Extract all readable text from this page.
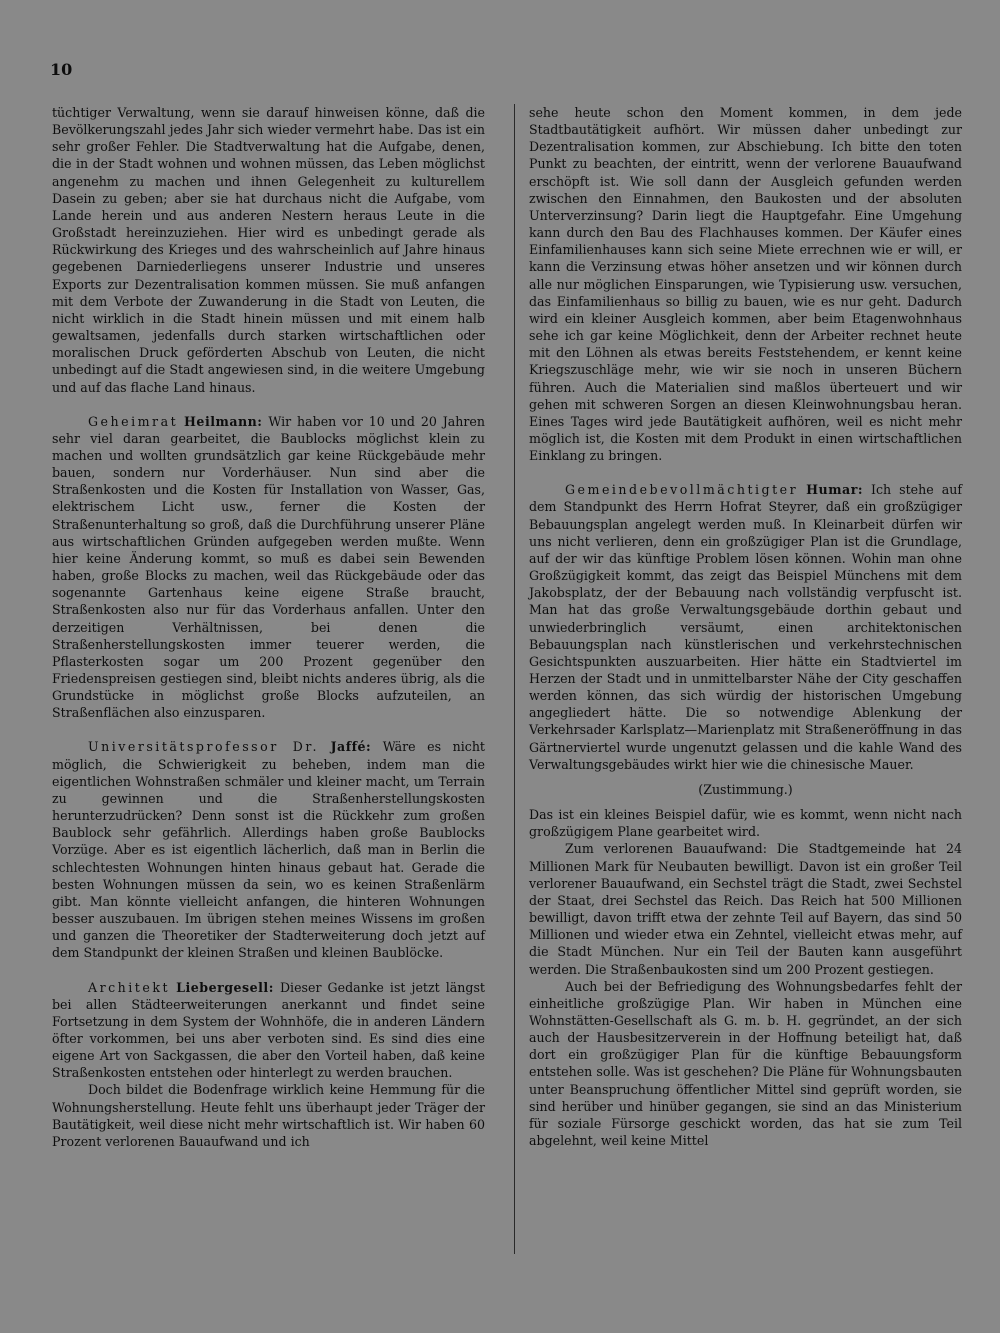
10

tüchtiger Verwaltung, wenn sie darauf hinweisen könne, daß die Bevölkerungszahl jedes Jahr sich wieder vermehrt habe. Das ist ein sehr großer Fehler. Die Stadtverwaltung hat die Aufgabe, denen, die in der Stadt wohnen und wohnen müssen, das Leben möglichst angenehm zu machen und ihnen Gelegenheit zu kulturellem Dasein zu geben; aber sie hat durchaus nicht die Aufgabe, vom Lande herein und aus anderen Nestern heraus Leute in die Großstadt hereinzuziehen. Hier wird es unbedingt gerade als Rückwirkung des Krieges und des wahrscheinlich auf Jahre hinaus gegebenen Darniederliegens unserer Industrie und unseres Exports zur Dezentralisation kommen müssen. Sie muß anfangen mit dem Verbote der Zuwanderung in die Stadt von Leuten, die nicht wirklich in die Stadt hinein müssen und mit einem halb gewaltsamen, jedenfalls durch starken wirtschaftlichen oder moralischen Druck geförderten Abschub von Leuten, die nicht unbedingt auf die Stadt angewiesen sind, in die weitere Umgebung und auf das flache Land hinaus.

Geheimrat Heilmann: Wir haben vor 10 und 20 Jahren sehr viel daran gearbeitet, die Baublocks möglichst klein zu machen und wollten grundsätzlich gar keine Rückgebäude mehr bauen, sondern nur Vorderhäuser. Nun sind aber die Straßenkosten und die Kosten für Installation von Wasser, Gas, elektrischem Licht usw., ferner die Kosten der Straßenunterhaltung so groß, daß die Durchführung unserer Pläne aus wirtschaftlichen Gründen aufgegeben werden mußte. Wenn hier keine Änderung kommt, so muß es dabei sein Bewenden haben, große Blocks zu machen, weil das Rückgebäude oder das sogenannte Gartenhaus keine eigene Straße braucht, Straßenkosten also nur für das Vorderhaus anfallen. Unter den derzeitigen Verhältnissen, bei denen die Straßenherstellungskosten immer teuerer werden, die Pflasterkosten sogar um 200 Prozent gegenüber den Friedenspreisen gestiegen sind, bleibt nichts anderes übrig, als die Grundstücke in möglichst große Blocks aufzuteilen, an Straßenflächen also einzusparen.

Universitätsprofessor Dr. Jaffé: Wäre es nicht möglich, die Schwierigkeit zu beheben, indem man die eigentlichen Wohnstraßen schmäler und kleiner macht, um Terrain zu gewinnen und die Straßenherstellungskosten herunterzudrücken? Denn sonst ist die Rückkehr zum großen Baublock sehr gefährlich. Allerdings haben große Baublocks Vorzüge. Aber es ist eigentlich lächerlich, daß man in Berlin die schlechtesten Wohnungen hinten hinaus gebaut hat. Gerade die besten Wohnungen müssen da sein, wo es keinen Straßenlärm gibt. Man könnte vielleicht anfangen, die hinteren Wohnungen besser auszubauen. Im übrigen stehen meines Wissens im großen und ganzen die Theoretiker der Stadterweiterung doch jetzt auf dem Standpunkt der kleinen Straßen und kleinen Baublöcke.

Architekt Liebergesell: Dieser Gedanke ist jetzt längst bei allen Städteerweiterungen anerkannt und findet seine Fortsetzung in dem System der Wohnhöfe, die in anderen Ländern öfter vorkommen, bei uns aber verboten sind. Es sind dies eine eigene Art von Sackgassen, die aber den Vorteil haben, daß keine Straßenkosten entstehen oder hinterlegt zu werden brauchen.

Doch bildet die Bodenfrage wirklich keine Hemmung für die Wohnungsherstellung. Heute fehlt uns überhaupt jeder Träger der Bautätigkeit, weil diese nicht mehr wirtschaftlich ist. Wir haben 60 Prozent verlorenen Bauaufwand und ich

sehe heute schon den Moment kommen, in dem jede Stadtbautätigkeit aufhört. Wir müssen daher unbedingt zur Dezentralisation kommen, zur Abschiebung. Ich bitte den toten Punkt zu beachten, der eintritt, wenn der verlorene Bauaufwand erschöpft ist. Wie soll dann der Ausgleich gefunden werden zwischen den Einnahmen, den Baukosten und der absoluten Unterverzinsung? Darin liegt die Hauptgefahr. Eine Umgehung kann durch den Bau des Flachhauses kommen. Der Käufer eines Einfamilienhauses kann sich seine Miete errechnen wie er will, er kann die Verzinsung etwas höher ansetzen und wir können durch alle nur möglichen Einsparungen, wie Typisierung usw. versuchen, das Einfamilienhaus so billig zu bauen, wie es nur geht. Dadurch wird ein kleiner Ausgleich kommen, aber beim Etagenwohnhaus sehe ich gar keine Möglichkeit, denn der Arbeiter rechnet heute mit den Löhnen als etwas bereits Feststehendem, er kennt keine Kriegszuschläge mehr, wie wir sie noch in unseren Büchern führen. Auch die Materialien sind maßlos überteuert und wir gehen mit schweren Sorgen an diesen Kleinwohnungsbau heran. Eines Tages wird jede Bautätigkeit aufhören, weil es nicht mehr möglich ist, die Kosten mit dem Produkt in einen wirtschaftlichen Einklang zu bringen.

Gemeindebevollmächtigter Humar: Ich stehe auf dem Standpunkt des Herrn Hofrat Steyrer, daß ein großzügiger Bebauungsplan angelegt werden muß. In Kleinarbeit dürfen wir uns nicht verlieren, denn ein großzügiger Plan ist die Grundlage, auf der wir das künftige Problem lösen können. Wohin man ohne Großzügigkeit kommt, das zeigt das Beispiel Münchens mit dem Jakobsplatz, der der Bebauung nach vollständig verpfuscht ist. Man hat das große Verwaltungsgebäude dorthin gebaut und unwiederbringlich versäumt, einen architektonischen Bebauungsplan nach künstlerischen und verkehrstechnischen Gesichtspunkten auszuarbeiten. Hier hätte ein Stadtviertel im Herzen der Stadt und in unmittelbarster Nähe der City geschaffen werden können, das sich würdig der historischen Umgebung angegliedert hätte. Die so notwendige Ablenkung der Verkehrsader Karlsplatz—Marienplatz mit Straßeneröffnung in das Gärtnerviertel wurde ungenutzt gelassen und die kahle Wand des Verwaltungsgebäudes wirkt hier wie die chinesische Mauer.

(Zustimmung.)

Das ist ein kleines Beispiel dafür, wie es kommt, wenn nicht nach großzügigem Plane gearbeitet wird.

Zum verlorenen Bauaufwand: Die Stadtgemeinde hat 24 Millionen Mark für Neubauten bewilligt. Davon ist ein großer Teil verlorener Bauaufwand, ein Sechstel trägt die Stadt, zwei Sechstel der Staat, drei Sechstel das Reich. Das Reich hat 500 Millionen bewilligt, davon trifft etwa der zehnte Teil auf Bayern, das sind 50 Millionen und wieder etwa ein Zehntel, vielleicht etwas mehr, auf die Stadt München. Nur ein Teil der Bauten kann ausgeführt werden. Die Straßenbaukosten sind um 200 Prozent gestiegen.

Auch bei der Befriedigung des Wohnungsbedarfes fehlt der einheitliche großzügige Plan. Wir haben in München eine Wohnstätten-Gesellschaft als G. m. b. H. gegründet, an der sich auch der Hausbesitzerverein in der Hoffnung beteiligt hat, daß dort ein großzügiger Plan für die künftige Bebauungsform entstehen solle. Was ist geschehen? Die Pläne für Wohnungsbauten unter Beanspruchung öffentlicher Mittel sind geprüft worden, sie sind herüber und hinüber gegangen, sie sind an das Ministerium für soziale Fürsorge geschickt worden, das hat sie zum Teil abgelehnt, weil keine Mittel
